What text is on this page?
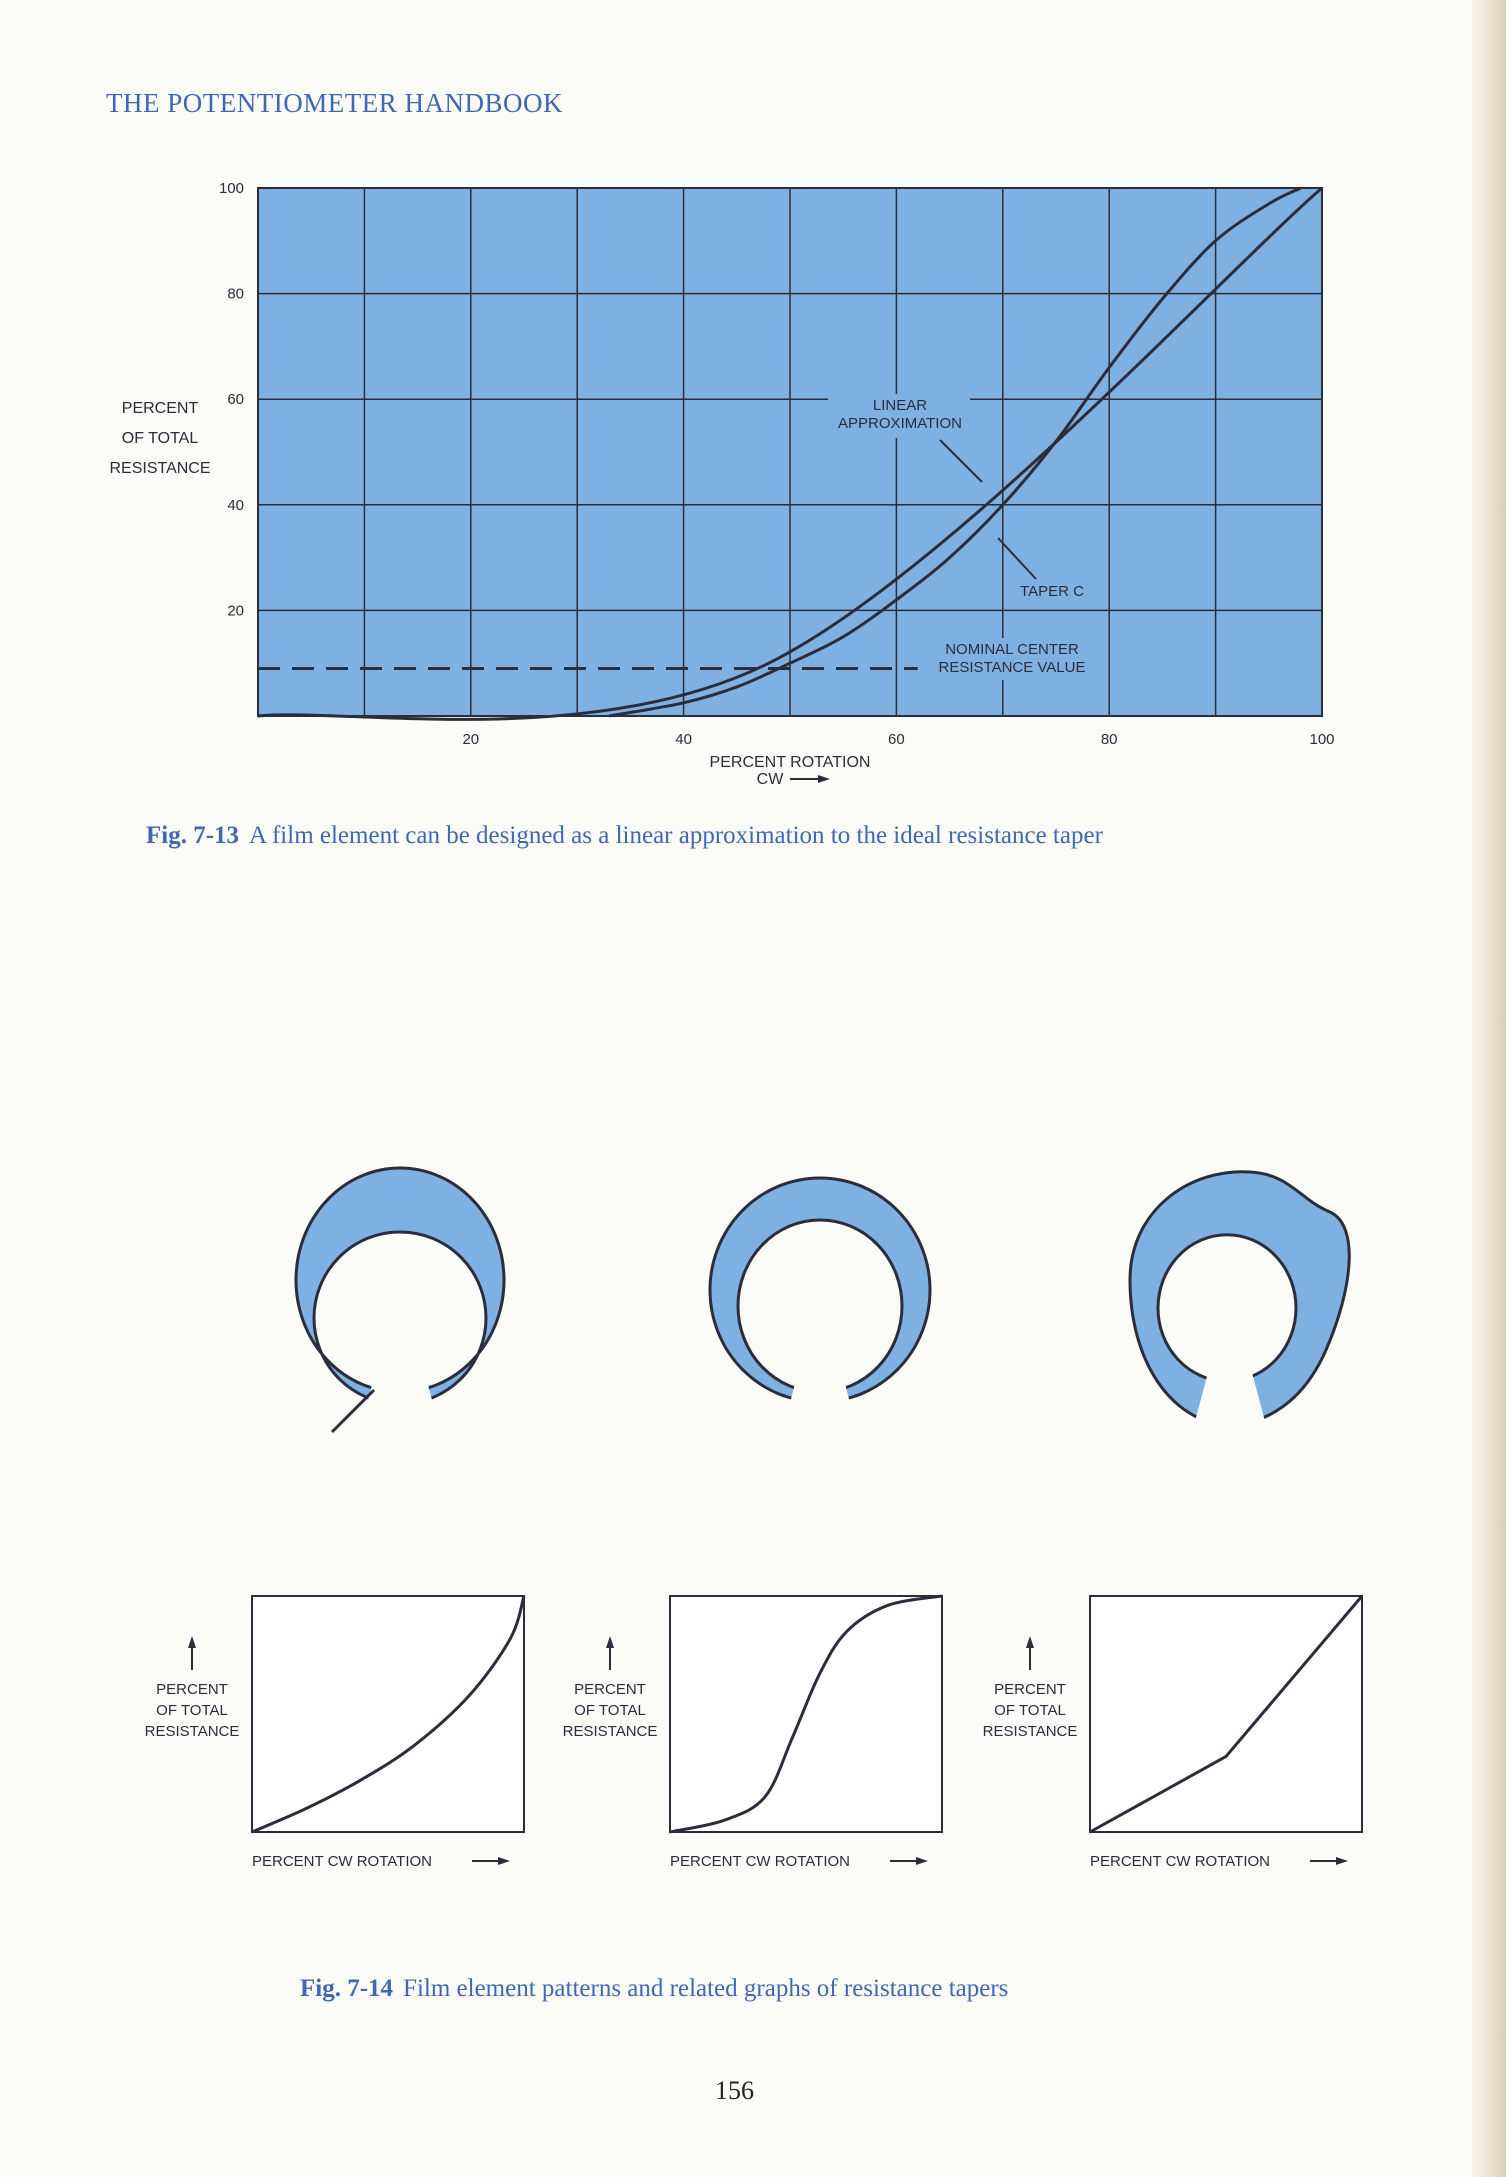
THE POTENTIOMETER HANDBOOK
20	40	60	80	100
20
40
60
80
100
PERCENT
OF TOTAL
RESISTANCE
PERCENT ROTATION
CW
LINEAR
APPROXIMATION
TAPER C
NOMINAL CENTER
RESISTANCE VALUE
Fig. 7-13 A film element can be designed as a linear approximation to the ideal resistance taper
PERCENT
OF TOTAL
RESISTANCE
PERCENT CW ROTATION
PERCENT
OF TOTAL
RESISTANCE
PERCENT CW ROTATION
PERCENT
OF TOTAL
RESISTANCE
PERCENT CW ROTATION
Fig. 7-14 Film element patterns and related graphs of resistance tapers
156
